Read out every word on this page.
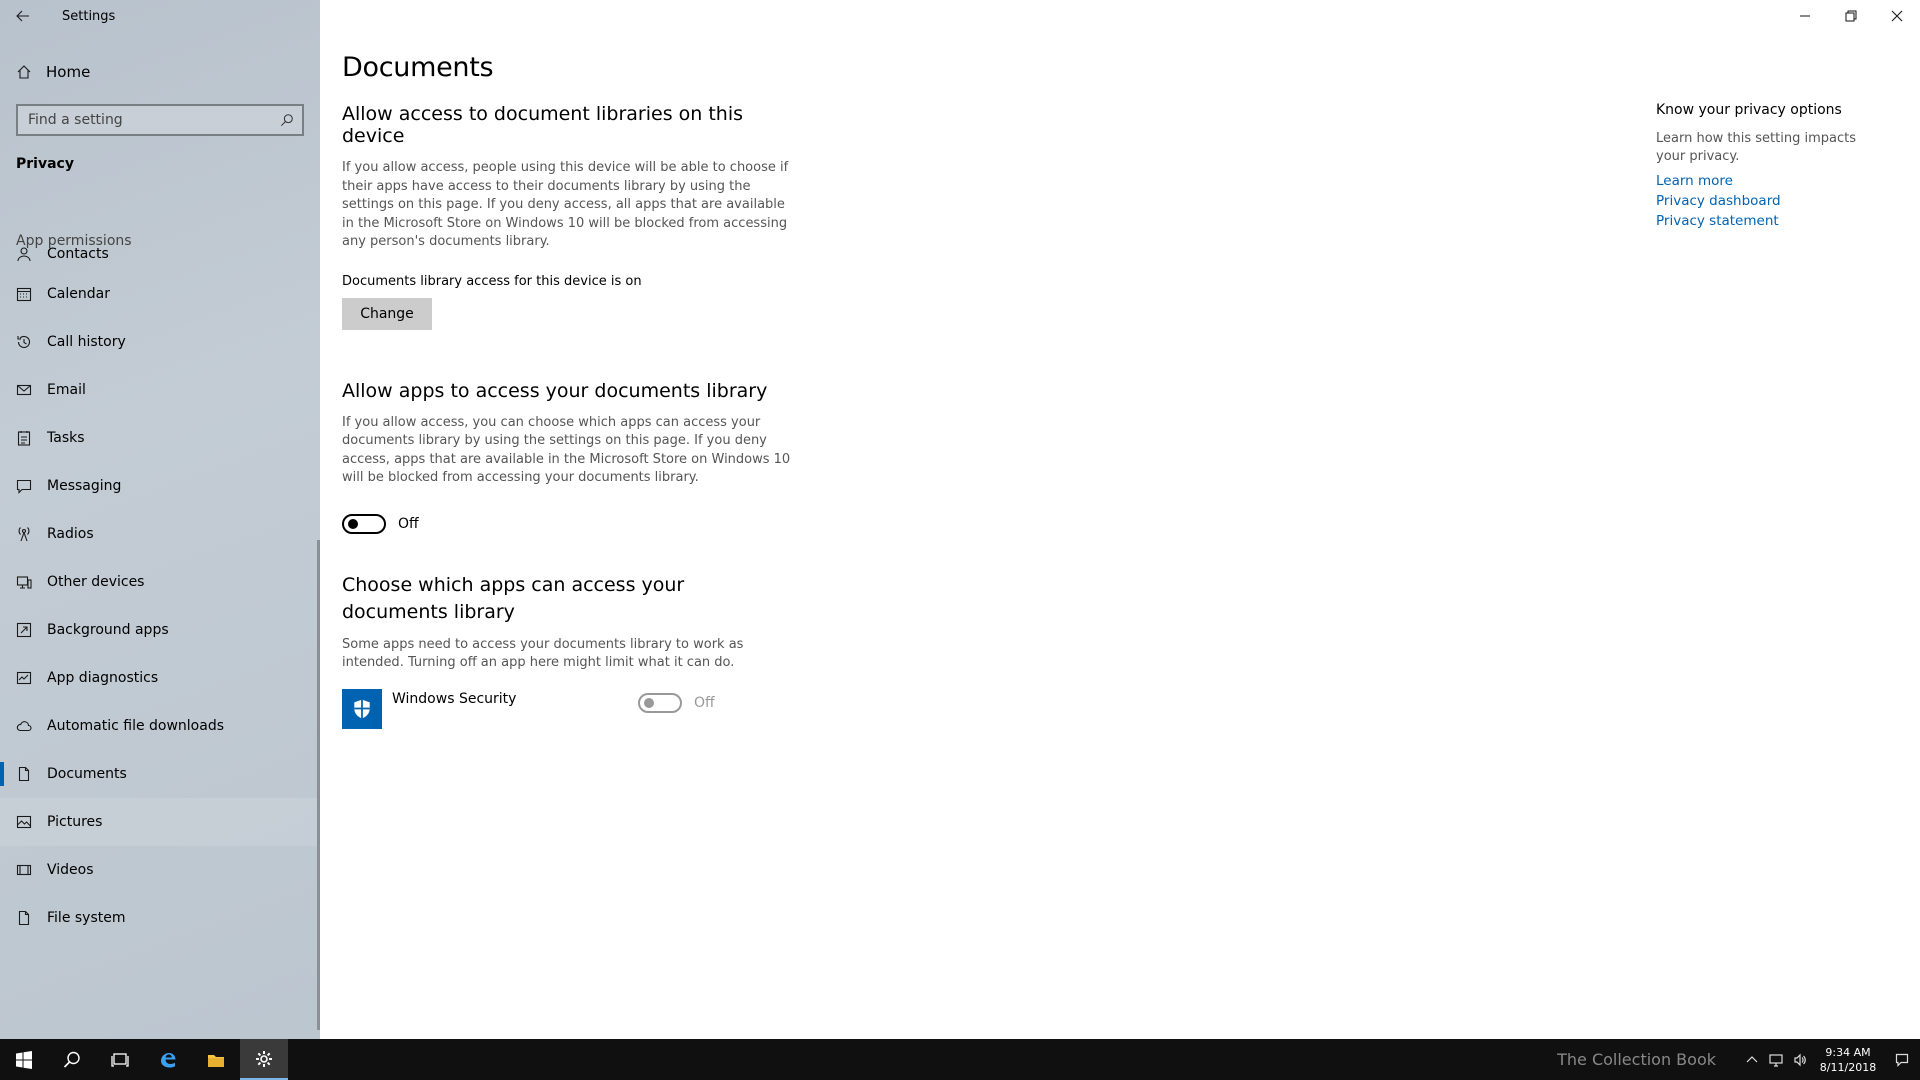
Settings
Home
Find a setting
Privacy
App permissions
Contacts
Calendar
Call history
Email
Tasks
Messaging
Radios
Other devices
Background apps
App diagnostics
Automatic file downloads
Documents
Pictures
Videos
File system
Documents
Allow access to document libraries on this device

If you allow access, people using this device will be able to choose if their apps have access to their documents library by using the settings on this page. If you deny access, all apps that are available in the Microsoft Store on Windows 10 will be blocked from accessing any person's documents library.

Documents library access for this device is on

Change
Allow apps to access your documents library

If you allow access, you can choose which apps can access your documents library by using the settings on this page. If you deny access, apps that are available in the Microsoft Store on Windows 10 will be blocked from accessing your documents library.

Off
Choose which apps can access your documents library

Some apps need to access your documents library to work as intended. Turning off an app here might limit what it can do.

Windows Security	Off
Know your privacy options

Learn how this setting impacts your privacy.

Learn more
Privacy dashboard
Privacy statement
The Collection Book	9:34 AM
8/11/2018
